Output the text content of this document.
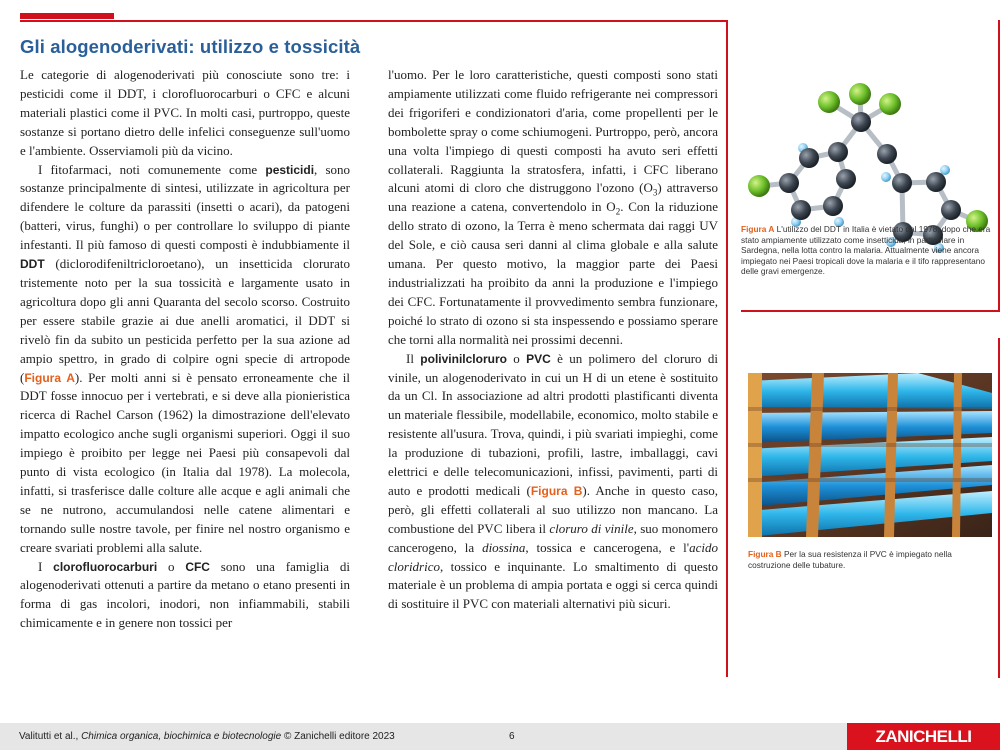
Gli alogenoderivati: utilizzo e tossicità

Le categorie di alogenoderivati più conosciute sono tre: i pesticidi come il DDT, i clorofluorocarburi o CFC e alcuni materiali plastici come il PVC. In molti casi, purtroppo, queste sostanze si portano dietro delle infelici conseguenze sull'uomo e l'ambiente. Osserviamoli più da vicino.

I fitofarmaci, noti comunemente come pesticidi, sono sostanze principalmente di sintesi, utilizzate in agricoltura per difendere le colture da parassiti (insetti o acari), da patogeni (batteri, virus, funghi) o per controllare lo sviluppo di piante infestanti. Il più famoso di questi composti è indubbiamente il DDT (diclorodifeniltricloroetano), un insetticida clorurato tristemente noto per la sua tossicità e largamente usato in agricoltura dopo gli anni Quaranta del secolo scorso. Costruito per essere stabile grazie ai due anelli aromatici, il DDT si rivelò fin da subito un pesticida perfetto per la sua azione ad ampio spettro, in grado di colpire ogni specie di artropode (Figura A). Per molti anni si è pensato erroneamente che il DDT fosse innocuo per i vertebrati, e si deve alla pionieristica ricerca di Rachel Carson (1962) la dimostrazione dell'elevato impatto ecologico anche sugli organismi superiori. Oggi il suo impiego è proibito per legge nei Paesi più consapevoli dal punto di vista ecologico (in Italia dal 1978). La molecola, infatti, si trasferisce dalle colture alle acque e agli animali che se ne nutrono, accumulandosi nelle catene alimentari e tornando sulle nostre tavole, per finire nel nostro organismo e creare svariati problemi alla salute.

I clorofluorocarburi o CFC sono una famiglia di alogenoderivati ottenuti a partire da metano o etano presenti in forma di gas incolori, inodori, non infiammabili, stabili chimicamente e in genere non tossici per

l'uomo. Per le loro caratteristiche, questi composti sono stati ampiamente utilizzati come fluido refrigerante nei compressori dei frigoriferi e condizionatori d'aria, come propellenti per le bombolette spray o come schiumogeni. Purtroppo, però, ancora una volta l'impiego di questi composti ha avuto seri effetti collaterali. Raggiunta la stratosfera, infatti, i CFC liberano alcuni atomi di cloro che distruggono l'ozono $(O_3)$ attraverso una reazione a catena, convertendolo in $O_2$. Con la riduzione dello strato di ozono, la Terra è meno schermata dai raggi UV del Sole, e ciò causa seri danni al clima globale e alla salute umana. Per questo motivo, la maggior parte dei Paesi industrializzati ha proibito da anni la produzione e l'impiego dei CFC. Fortunatamente il provvedimento sembra funzionare, poiché lo strato di ozono si sta inspessendo e possiamo sperare che torni alla normalità nei prossimi decenni.

Il polivinilcloruro o PVC è un polimero del cloruro di vinile, un alogenoderivato in cui un H di un etene è sostituito da un Cl. In associazione ad altri prodotti plastificanti diventa un materiale flessibile, modellabile, economico, molto stabile e resistente all'usura. Trova, quindi, i più svariati impieghi, come la produzione di tubazioni, profili, lastre, imballaggi, cavi elettrici e delle telecomunicazioni, infissi, pavimenti, parti di auto e prodotti medicali (Figura B). Anche in questo caso, però, gli effetti collaterali al suo utilizzo non mancano. La combustione del PVC libera il cloruro di vinile, suo monomero cancerogeno, la diossina, tossica e cancerogena, e l'acido cloridrico, tossico e inquinante. Lo smaltimento di questo materiale è un problema di ampia portata e oggi si cerca quindi di sostituire il PVC con materiali alternativi più sicuri.

Figura A L'utilizzo del DDT in Italia è vietato dal 1978, dopo che era stato ampiamente utilizzato come insetticida, in particolare in Sardegna, nella lotta contro la malaria. Attualmente viene ancora impiegato nei Paesi tropicali dove la malaria e il tifo rappresentano delle gravi emergenze.
Figura B Per la sua resistenza il PVC è impiegato nella costruzione delle tubature.
Valitutti et al., Chimica organica, biochimica e biotecnologie © Zanichelli editore 2023	6	ZANICHELLI
